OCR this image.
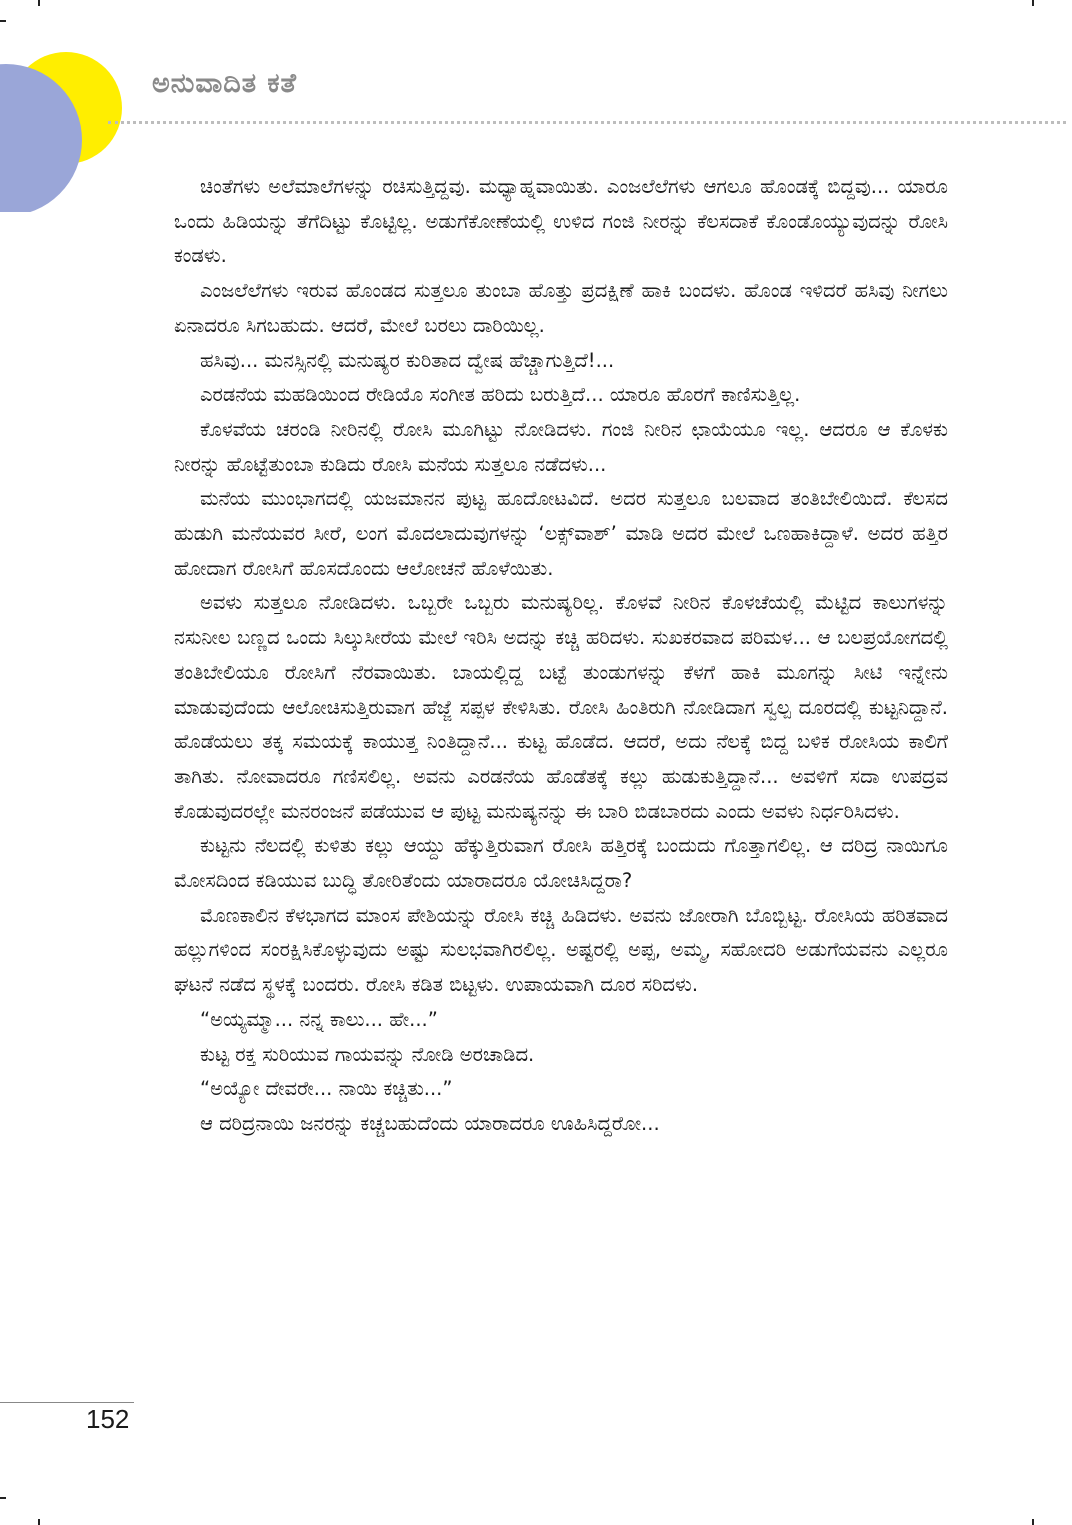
ಅನುವಾದಿತ ಕತೆ

ಚಿಂತೆಗಳು ಅಲೆಮಾಲೆಗಳನ್ನು ರಚಿಸುತ್ತಿದ್ದವು. ಮಧ್ಯಾಹ್ನವಾಯಿತು. ಎಂಜಲೆಲೆಗಳು ಆಗಲೂ ಹೊಂಡಕ್ಕೆ ಬಿದ್ದವು... ಯಾರೂ ಒಂದು ಹಿಡಿಯನ್ನು ತೆಗೆದಿಟ್ಟು ಕೊಟ್ಟಿಲ್ಲ. ಅಡುಗೆಕೋಣೆಯಲ್ಲಿ ಉಳಿದ ಗಂಜಿ ನೀರನ್ನು ಕೆಲಸದಾಕೆ ಕೊಂಡೊಯ್ಯುವುದನ್ನು ರೋಸಿ ಕಂಡಳು.

ಎಂಜಲೆಲೆಗಳು ಇರುವ ಹೊಂಡದ ಸುತ್ತಲೂ ತುಂಬಾ ಹೊತ್ತು ಪ್ರದಕ್ಷಿಣೆ ಹಾಕಿ ಬಂದಳು. ಹೊಂಡ ಇಳಿದರೆ ಹಸಿವು ನೀಗಲು ಏನಾದರೂ ಸಿಗಬಹುದು. ಆದರೆ, ಮೇಲೆ ಬರಲು ದಾರಿಯಿಲ್ಲ.

ಹಸಿವು... ಮನಸ್ಸಿನಲ್ಲಿ ಮನುಷ್ಯರ ಕುರಿತಾದ ದ್ವೇಷ ಹೆಚ್ಚಾಗುತ್ತಿದೆ!...

ಎರಡನೆಯ ಮಹಡಿಯಿಂದ ರೇಡಿಯೊ ಸಂಗೀತ ಹರಿದು ಬರುತ್ತಿದೆ... ಯಾರೂ ಹೊರಗೆ ಕಾಣಿಸುತ್ತಿಲ್ಲ.

ಕೊಳವೆಯ ಚರಂಡಿ ನೀರಿನಲ್ಲಿ ರೋಸಿ ಮೂಗಿಟ್ಟು ನೋಡಿದಳು. ಗಂಜಿ ನೀರಿನ ಛಾಯೆಯೂ ಇಲ್ಲ. ಆದರೂ ಆ ಕೊಳಕು ನೀರನ್ನು ಹೊಟ್ಟೆತುಂಬಾ ಕುಡಿದು ರೋಸಿ ಮನೆಯ ಸುತ್ತಲೂ ನಡೆದಳು...

ಮನೆಯ ಮುಂಭಾಗದಲ್ಲಿ ಯಜಮಾನನ ಪುಟ್ಟ ಹೂದೋಟವಿದೆ. ಅದರ ಸುತ್ತಲೂ ಬಲವಾದ ತಂತಿಬೇಲಿಯಿದೆ. ಕೆಲಸದ ಹುಡುಗಿ ಮನೆಯವರ ಸೀರೆ, ಲಂಗ ಮೊದಲಾದುವುಗಳನ್ನು ‘ಲಕ್ಸ್‌ವಾಶ್’ ಮಾಡಿ ಅದರ ಮೇಲೆ ಒಣಹಾಕಿದ್ದಾಳೆ. ಅದರ ಹತ್ತಿರ ಹೋದಾಗ ರೋಸಿಗೆ ಹೊಸದೊಂದು ಆಲೋಚನೆ ಹೊಳೆಯಿತು.

ಅವಳು ಸುತ್ತಲೂ ನೋಡಿದಳು. ಒಬ್ಬರೇ ಒಬ್ಬರು ಮನುಷ್ಯರಿಲ್ಲ. ಕೊಳವೆ ನೀರಿನ ಕೊಳಚೆಯಲ್ಲಿ ಮೆಟ್ಟಿದ ಕಾಲುಗಳನ್ನು ನಸುನೀಲ ಬಣ್ಣದ ಒಂದು ಸಿಲ್ಕುಸೀರೆಯ ಮೇಲೆ ಇರಿಸಿ ಅದನ್ನು ಕಚ್ಚಿ ಹರಿದಳು. ಸುಖಕರವಾದ ಪರಿಮಳ... ಆ ಬಲಪ್ರಯೋಗದಲ್ಲಿ ತಂತಿಬೇಲಿಯೂ ರೋಸಿಗೆ ನೆರವಾಯಿತು. ಬಾಯಲ್ಲಿದ್ದ ಬಟ್ಟೆ ತುಂಡುಗಳನ್ನು ಕೆಳಗೆ ಹಾಕಿ ಮೂಗನ್ನು ಸೀಟಿ ಇನ್ನೇನು ಮಾಡುವುದೆಂದು ಆಲೋಚಿಸುತ್ತಿರುವಾಗ ಹೆಜ್ಜೆ ಸಪ್ಪಳ ಕೇಳಿಸಿತು. ರೋಸಿ ಹಿಂತಿರುಗಿ ನೋಡಿದಾಗ ಸ್ವಲ್ಪ ದೂರದಲ್ಲಿ ಕುಟ್ಟನಿದ್ದಾನೆ. ಹೊಡೆಯಲು ತಕ್ಕ ಸಮಯಕ್ಕೆ ಕಾಯುತ್ತ ನಿಂತಿದ್ದಾನೆ... ಕುಟ್ಟ ಹೊಡೆದ. ಆದರೆ, ಅದು ನೆಲಕ್ಕೆ ಬಿದ್ದ ಬಳಿಕ ರೋಸಿಯ ಕಾಲಿಗೆ ತಾಗಿತು. ನೋವಾದರೂ ಗಣಿಸಲಿಲ್ಲ. ಅವನು ಎರಡನೆಯ ಹೊಡೆತಕ್ಕೆ ಕಲ್ಲು ಹುಡುಕುತ್ತಿದ್ದಾನೆ... ಅವಳಿಗೆ ಸದಾ ಉಪದ್ರವ ಕೊಡುವುದರಲ್ಲೇ ಮನರಂಜನೆ ಪಡೆಯುವ ಆ ಪುಟ್ಟ ಮನುಷ್ಯನನ್ನು ಈ ಬಾರಿ ಬಿಡಬಾರದು ಎಂದು ಅವಳು ನಿರ್ಧರಿಸಿದಳು.

ಕುಟ್ಟನು ನೆಲದಲ್ಲಿ ಕುಳಿತು ಕಲ್ಲು ಆಯ್ದು ಹೆಕ್ಕುತ್ತಿರುವಾಗ ರೋಸಿ ಹತ್ತಿರಕ್ಕೆ ಬಂದುದು ಗೊತ್ತಾಗಲಿಲ್ಲ. ಆ ದರಿದ್ರ ನಾಯಿಗೂ ಮೋಸದಿಂದ ಕಡಿಯುವ ಬುದ್ಧಿ ತೋರಿತೆಂದು ಯಾರಾದರೂ ಯೋಚಿಸಿದ್ದರಾ?

ಮೊಣಕಾಲಿನ ಕೆಳಭಾಗದ ಮಾಂಸ ಪೇಶಿಯನ್ನು ರೋಸಿ ಕಚ್ಚಿ ಹಿಡಿದಳು. ಅವನು ಜೋರಾಗಿ ಬೊಬ್ಬಿಟ್ಟ. ರೋಸಿಯ ಹರಿತವಾದ ಹಲ್ಲುಗಳಿಂದ ಸಂರಕ್ಷಿಸಿಕೊಳ್ಳುವುದು ಅಷ್ಟು ಸುಲಭವಾಗಿರಲಿಲ್ಲ. ಅಷ್ಟರಲ್ಲಿ ಅಪ್ಪ, ಅಮ್ಮ, ಸಹೋದರಿ ಅಡುಗೆಯವನು ಎಲ್ಲರೂ ಘಟನೆ ನಡೆದ ಸ್ಥಳಕ್ಕೆ ಬಂದರು. ರೋಸಿ ಕಡಿತ ಬಿಟ್ಟಳು. ಉಪಾಯವಾಗಿ ದೂರ ಸರಿದಳು.

“ಅಯ್ಯಮ್ಮಾ... ನನ್ನ ಕಾಲು... ಹೇ...”

ಕುಟ್ಟ ರಕ್ತ ಸುರಿಯುವ ಗಾಯವನ್ನು ನೋಡಿ ಅರಚಾಡಿದ.

“ಅಯ್ಯೋ ದೇವರೇ... ನಾಯಿ ಕಚ್ಚಿತು...”

ಆ ದರಿದ್ರನಾಯಿ ಜನರನ್ನು ಕಚ್ಚಬಹುದೆಂದು ಯಾರಾದರೂ ಊಹಿಸಿದ್ದರೋ...

152
